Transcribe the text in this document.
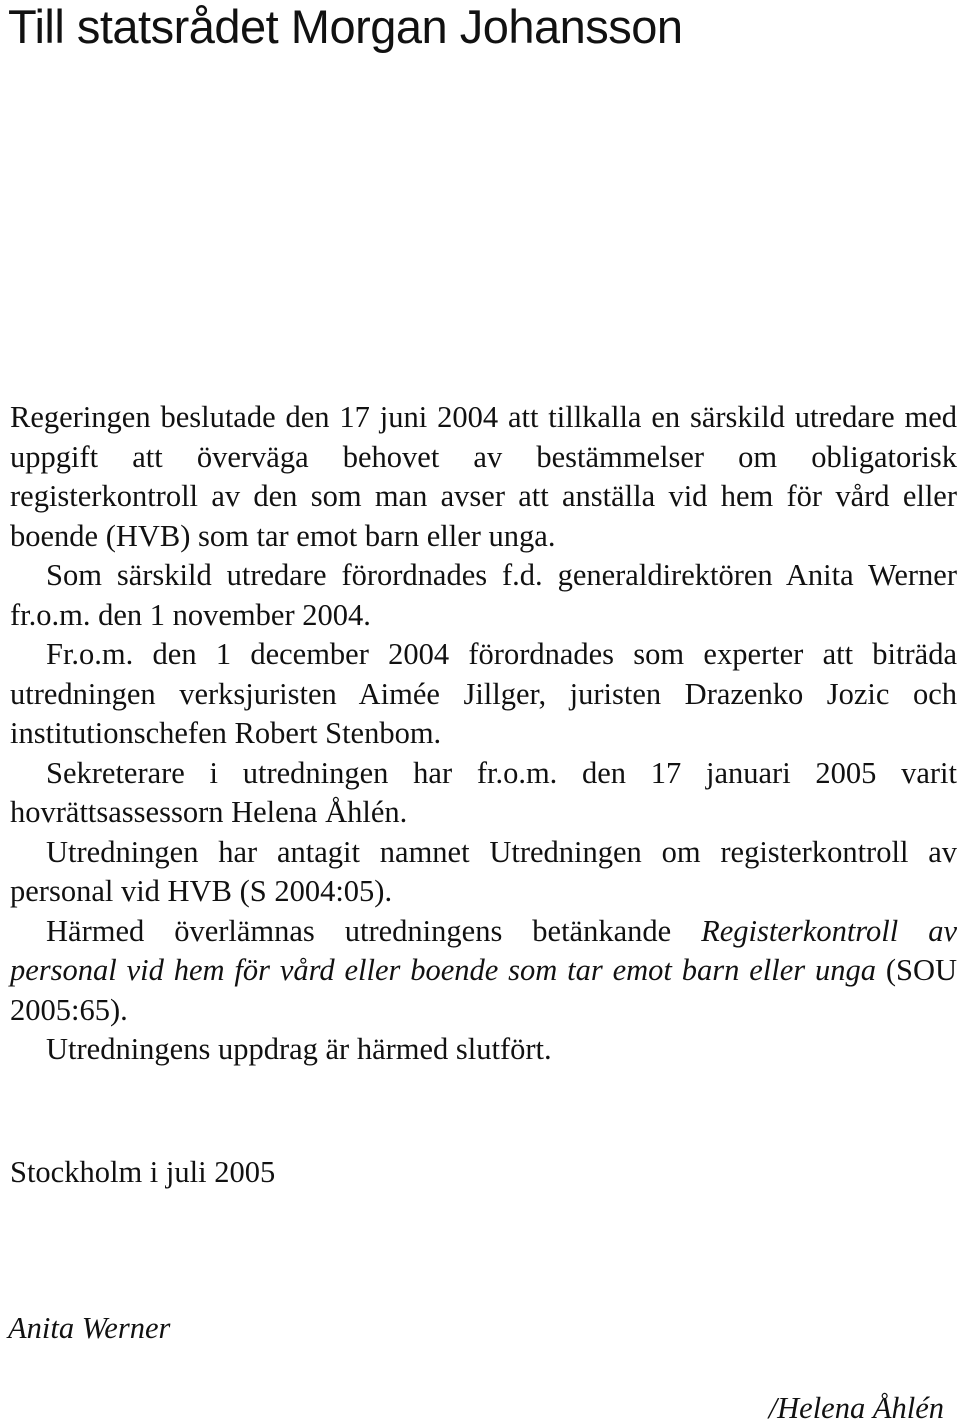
Till statsrådet Morgan Johansson

Regeringen beslutade den 17 juni 2004 att tillkalla en särskild utredare med uppgift att överväga behovet av bestämmelser om obligatorisk registerkontroll av den som man avser att anställa vid hem för vård eller boende (HVB) som tar emot barn eller unga.

Som särskild utredare förordnades f.d. generaldirektören Anita Werner fr.o.m. den 1 november 2004.

Fr.o.m. den 1 december 2004 förordnades som experter att biträda utredningen verksjuristen Aimée Jillger, juristen Drazenko Jozic och institutionschefen Robert Stenbom.

Sekreterare i utredningen har fr.o.m. den 17 januari 2005 varit hovrättsassessorn Helena Åhlén.

Utredningen har antagit namnet Utredningen om registerkontroll av personal vid HVB (S 2004:05).

Härmed överlämnas utredningens betänkande Registerkontroll av personal vid hem för vård eller boende som tar emot barn eller unga (SOU 2005:65).

Utredningens uppdrag är härmed slutfört.

Stockholm i juli 2005

Anita Werner

/Helena Åhlén
